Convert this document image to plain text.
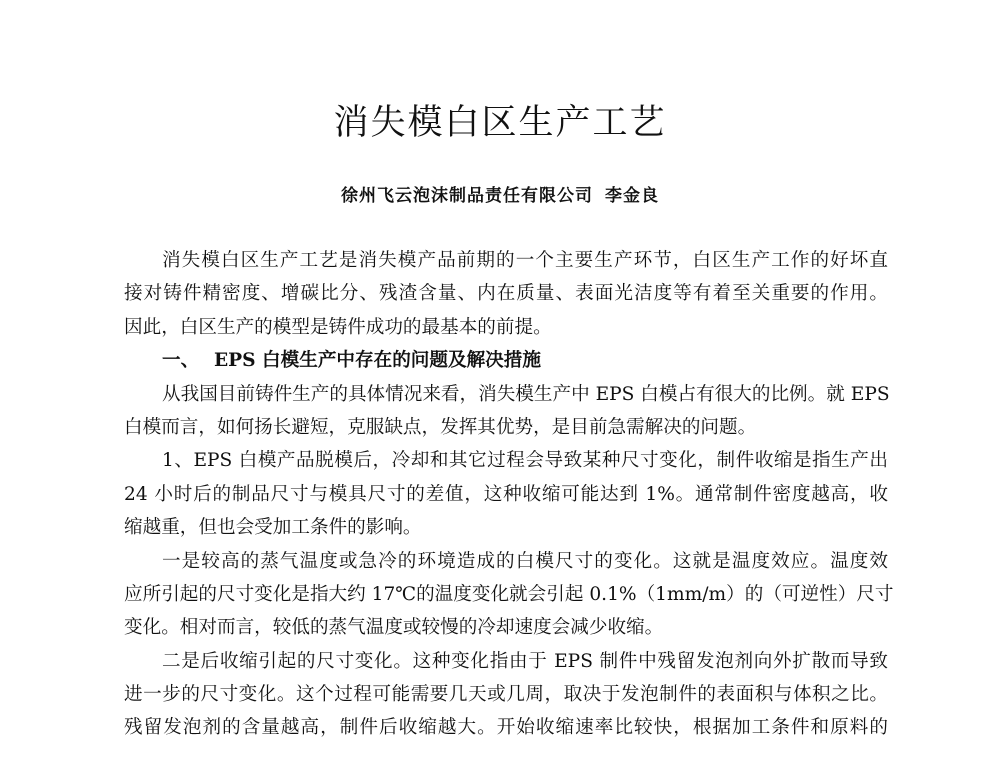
消失模白区生产工艺
徐州飞云泡沫制品责任有限公司 李金良
消失模白区生产工艺是消失模产品前期的一个主要生产环节，白区生产工作的好坏直
接对铸件精密度、增碳比分、残渣含量、内在质量、表面光洁度等有着至关重要的作用。
因此，白区生产的模型是铸件成功的最基本的前提。
一、 EPS 白模生产中存在的问题及解决措施
从我国目前铸件生产的具体情况来看，消失模生产中 EPS 白模占有很大的比例。就 EPS
白模而言，如何扬长避短，克服缺点，发挥其优势，是目前急需解决的问题。
1、EPS 白模产品脱模后，冷却和其它过程会导致某种尺寸变化，制件收缩是指生产出
24 小时后的制品尺寸与模具尺寸的差值，这种收缩可能达到 1%。通常制件密度越高，收
缩越重，但也会受加工条件的影响。
一是较高的蒸气温度或急冷的环境造成的白模尺寸的变化。这就是温度效应。温度效
应所引起的尺寸变化是指大约 17℃的温度变化就会引起 0.1%（1mm/m）的（可逆性）尺寸
变化。相对而言，较低的蒸气温度或较慢的冷却速度会减少收缩。
二是后收缩引起的尺寸变化。这种变化指由于 EPS 制件中残留发泡剂向外扩散而导致
进一步的尺寸变化。这个过程可能需要几天或几周，取决于发泡制件的表面积与体积之比。
残留发泡剂的含量越高，制件后收缩越大。开始收缩速率比较快，根据加工条件和原料的
